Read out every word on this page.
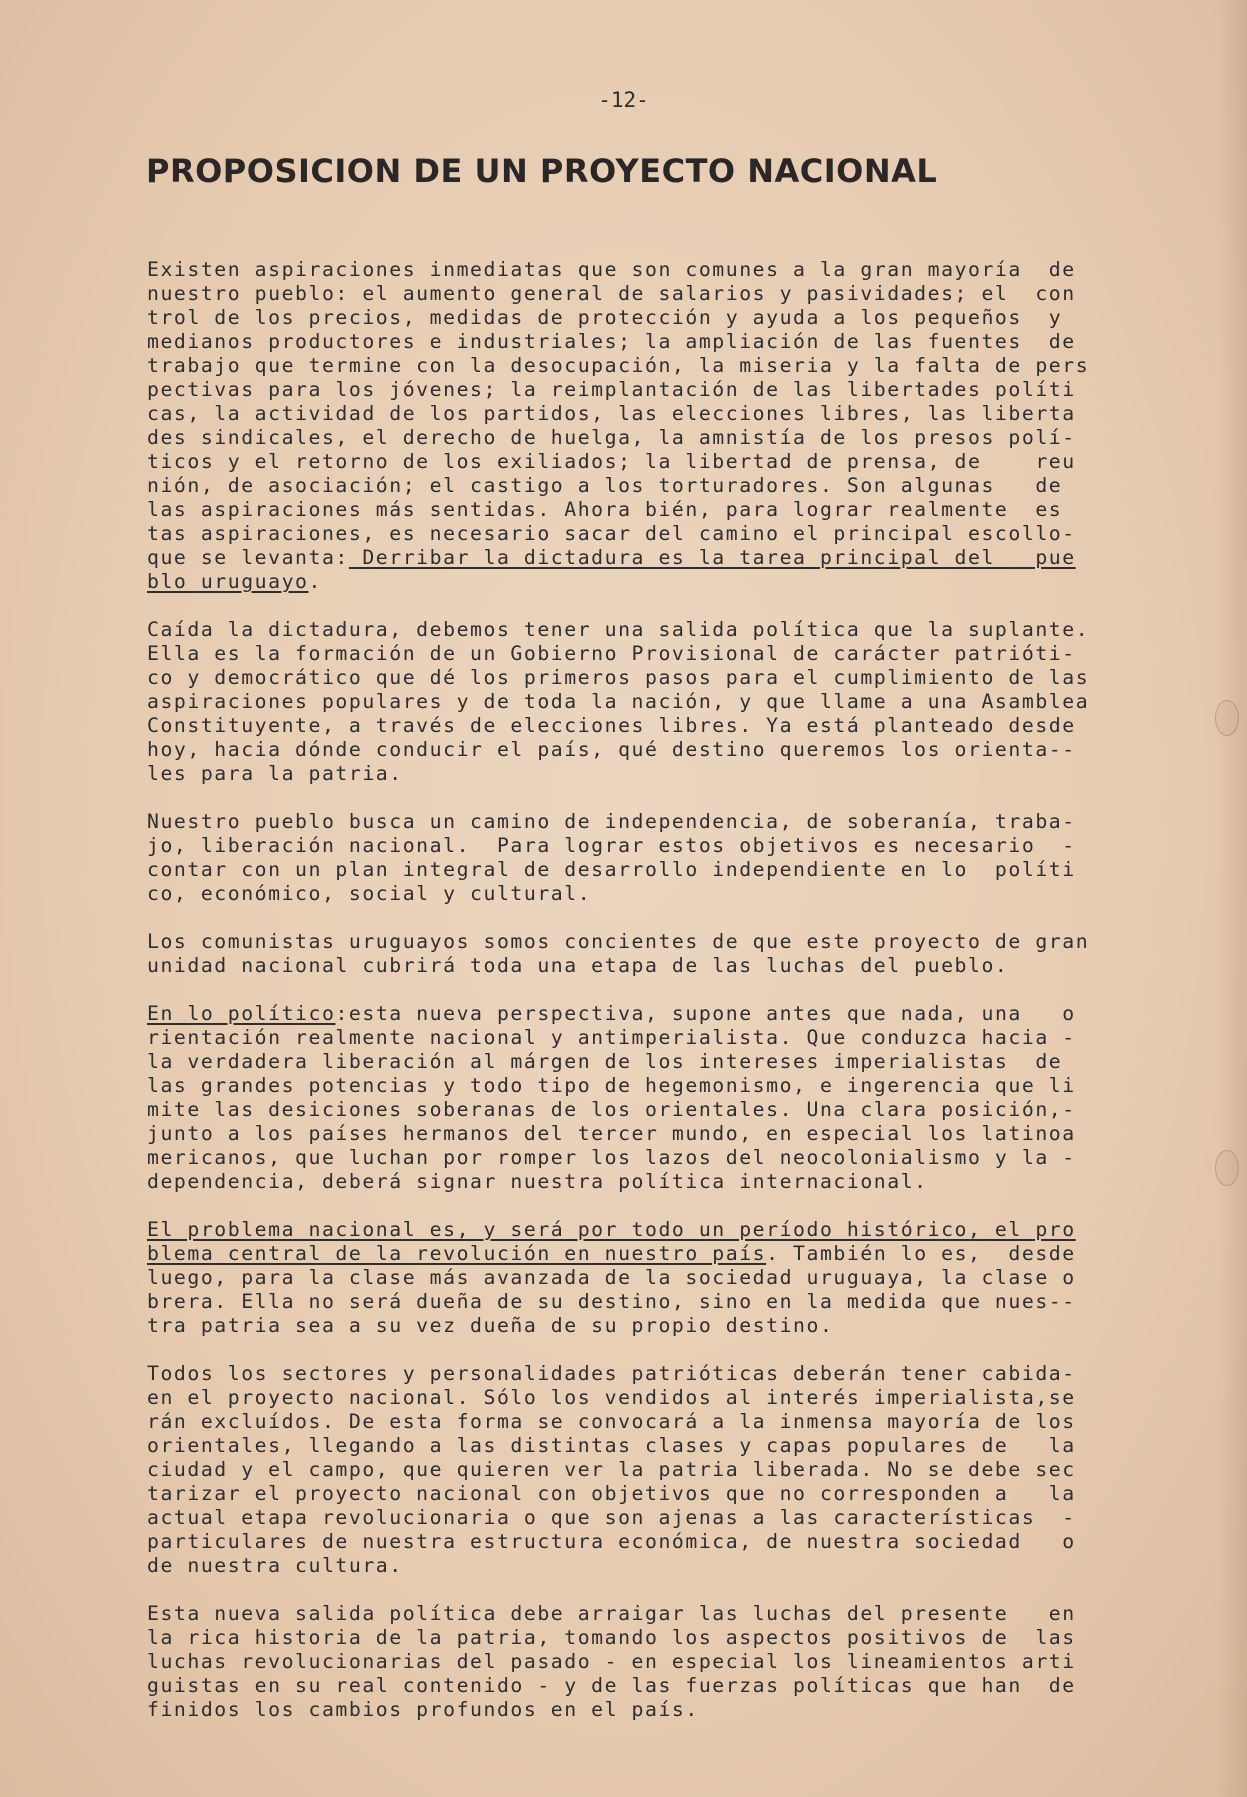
-12-
PROPOSICION DE UN PROYECTO NACIONAL
Existen aspiraciones inmediatas que son comunes a la gran mayoría  de
nuestro pueblo: el aumento general de salarios y pasividades; el  con
trol de los precios, medidas de protección y ayuda a los pequeños  y
medianos productores e industriales; la ampliación de las fuentes  de
trabajo que termine con la desocupación, la miseria y la falta de pers
pectivas para los jóvenes; la reimplantación de las libertades políti
cas, la actividad de los partidos, las elecciones libres, las liberta
des sindicales, el derecho de huelga, la amnistía de los presos polí-
ticos y el retorno de los exiliados; la libertad de prensa, de    reu
nión, de asociación; el castigo a los torturadores. Son algunas   de
las aspiraciones más sentidas. Ahora bién, para lograr realmente  es
tas aspiraciones, es necesario sacar del camino el principal escollo-
que se levanta: Derribar la dictadura es la tarea principal del   pue
blo uruguayo.
Caída la dictadura, debemos tener una salida política que la suplante.
Ella es la formación de un Gobierno Provisional de carácter patrióti-
co y democrático que dé los primeros pasos para el cumplimiento de las
aspiraciones populares y de toda la nación, y que llame a una Asamblea
Constituyente, a través de elecciones libres. Ya está planteado desde
hoy, hacia dónde conducir el país, qué destino queremos los orienta--
les para la patria.
Nuestro pueblo busca un camino de independencia, de soberanía, traba-
jo, liberación nacional.  Para lograr estos objetivos es necesario  -
contar con un plan integral de desarrollo independiente en lo  políti
co, económico, social y cultural.
Los comunistas uruguayos somos concientes de que este proyecto de gran
unidad nacional cubrirá toda una etapa de las luchas del pueblo.
En lo político:esta nueva perspectiva, supone antes que nada, una   o
rientación realmente nacional y antimperialista. Que conduzca hacia -
la verdadera liberación al márgen de los intereses imperialistas  de
las grandes potencias y todo tipo de hegemonismo, e ingerencia que li
mite las desiciones soberanas de los orientales. Una clara posición,-
junto a los países hermanos del tercer mundo, en especial los latinoa
mericanos, que luchan por romper los lazos del neocolonialismo y la -
dependencia, deberá signar nuestra política internacional.
El problema nacional es, y será por todo un período histórico, el pro
blema central de la revolución en nuestro país. También lo es,  desde
luego, para la clase más avanzada de la sociedad uruguaya, la clase o
brera. Ella no será dueña de su destino, sino en la medida que nues--
tra patria sea a su vez dueña de su propio destino.
Todos los sectores y personalidades patrióticas deberán tener cabida-
en el proyecto nacional. Sólo los vendidos al interés imperialista,se
rán excluídos. De esta forma se convocará a la inmensa mayoría de los
orientales, llegando a las distintas clases y capas populares de   la
ciudad y el campo, que quieren ver la patria liberada. No se debe sec
tarizar el proyecto nacional con objetivos que no corresponden a   la
actual etapa revolucionaria o que son ajenas a las características  -
particulares de nuestra estructura económica, de nuestra sociedad   o
de nuestra cultura.
Esta nueva salida política debe arraigar las luchas del presente   en
la rica historia de la patria, tomando los aspectos positivos de  las
luchas revolucionarias del pasado - en especial los lineamientos arti
guistas en su real contenido - y de las fuerzas políticas que han  de
finidos los cambios profundos en el país.
